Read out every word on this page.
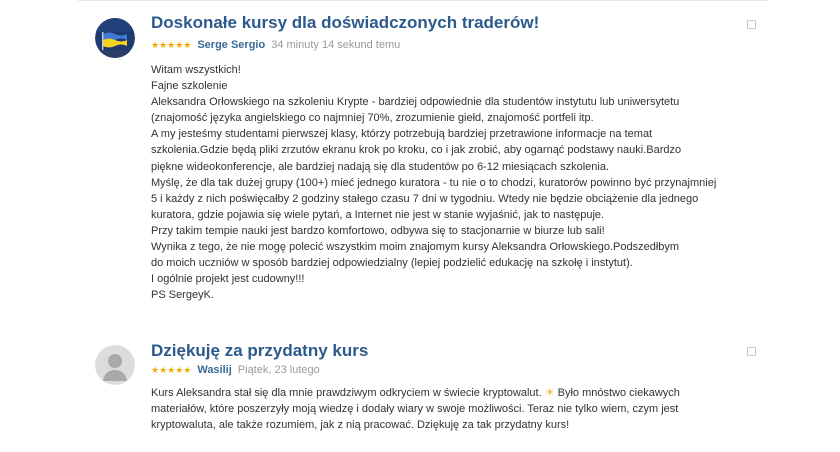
Doskonałe kursy dla doświadczonych traderów!
★★★★★ Serge Sergio 34 minuty 14 sekund temu
Witam wszystkich!
Fajne szkolenie
Aleksandra Orłowskiego na szkoleniu Krypte - bardziej odpowiednie dla studentów instytutu lub uniwersytetu
(znajomość języka angielskiego co najmniej 70%, zrozumienie giełd, znajomość portfeli itp.
A my jesteśmy studentami pierwszej klasy, którzy potrzebują bardziej przetrawione informacje na temat
szkolenia.Gdzie będą pliki zrzutów ekranu krok po kroku, co i jak zrobić, aby ogarnąć podstawy nauki.Bardzo
piękne wideokonferencje, ale bardziej nadają się dla studentów po 6-12 miesiącach szkolenia.
Myślę, że dla tak dużej grupy (100+) mieć jednego kuratora - tu nie o to chodzi, kuratorów powinno być przynajmniej
5 i każdy z nich poświęcałby 2 godziny stałego czasu 7 dni w tygodniu. Wtedy nie będzie obciążenie dla jednego
kuratora, gdzie pojawia się wiele pytań, a Internet nie jest w stanie wyjaśnić, jak to następuje.
Przy takim tempie nauki jest bardzo komfortowo, odbywa się to stacjonarnie w biurze lub sali!
Wynika z tego, że nie mogę polecić wszystkim moim znajomym kursy Aleksandra Orłowskiego.Podszedłbym
do moich uczniów w sposób bardziej odpowiedzialny (lepiej podzielić edukację na szkołę i instytut).
I ogólnie projekt jest cudowny!!!
PS SergeyK.
Dziękuję za przydatny kurs
★★★★★ Wasilij Piątek, 23 lutego
Kurs Aleksandra stał się dla mnie prawdziwym odkryciem w świecie kryptowalut. ☀ Było mnóstwo ciekawych
materiałów, które poszerzyły moją wiedzę i dodały wiary w swoje możliwości. Teraz nie tylko wiem, czym jest
kryptowaluta, ale także rozumiem, jak z nią pracować. Dziękuję za tak przydatny kurs!
